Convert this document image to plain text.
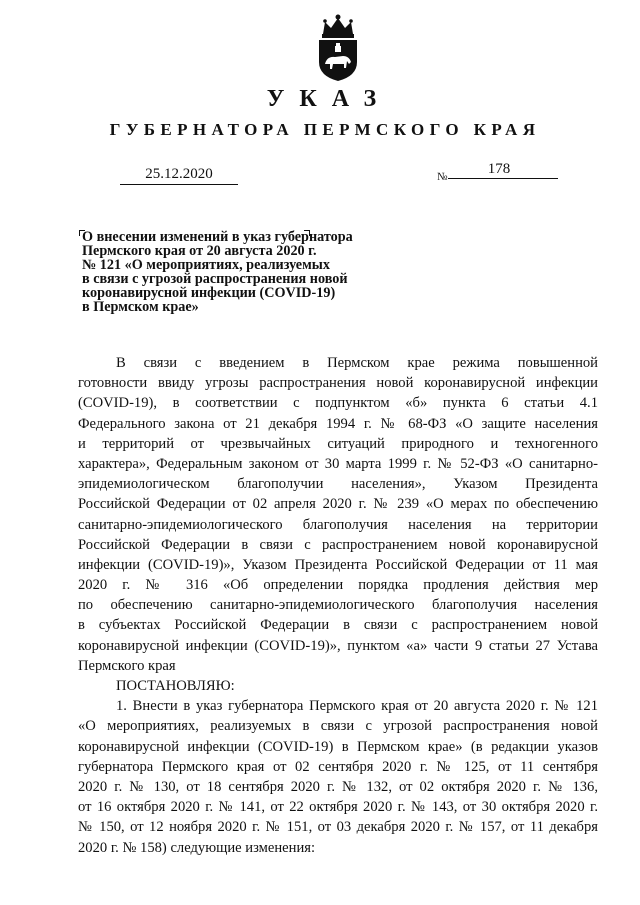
УКАЗ
ГУБЕРНАТОРА ПЕРМСКОГО КРАЯ
25.12.2020	№	178
О внесении изменений в указ губернатора
Пермского края от 20 августа 2020 г.
№ 121 «О мероприятиях, реализуемых
в связи с угрозой распространения новой
коронавирусной инфекции (COVID-19)
в Пермском крае»
В связи с введением в Пермском крае режима повышенной
готовности ввиду угрозы распространения новой коронавирусной инфекции
(COVID-19), в соответствии с подпунктом «б» пункта 6 статьи 4.1
Федерального закона от 21 декабря 1994 г. № 68-ФЗ «О защите населения
и территорий от чрезвычайных ситуаций природного и техногенного
характера», Федеральным законом от 30 марта 1999 г. № 52-ФЗ «О санитарно-
эпидемиологическом благополучии населения», Указом Президента
Российской Федерации от 02 апреля 2020 г. № 239 «О мерах по обеспечению
санитарно-эпидемиологического благополучия населения на территории
Российской Федерации в связи с распространением новой коронавирусной
инфекции (COVID-19)», Указом Президента Российской Федерации от 11 мая
2020 г. № 316 «Об определении порядка продления действия мер
по обеспечению санитарно-эпидемиологического благополучия населения
в субъектах Российской Федерации в связи с распространением новой
коронавирусной инфекции (COVID-19)», пунктом «а» части 9 статьи 27 Устава
Пермского края
ПОСТАНОВЛЯЮ:
1. Внести в указ губернатора Пермского края от 20 августа 2020 г. № 121
«О мероприятиях, реализуемых в связи с угрозой распространения новой
коронавирусной инфекции (COVID-19) в Пермском крае» (в редакции указов
губернатора Пермского края от 02 сентября 2020 г. № 125, от 11 сентября
2020 г. № 130, от 18 сентября 2020 г. № 132, от 02 октября 2020 г. № 136,
от 16 октября 2020 г. № 141, от 22 октября 2020 г. № 143, от 30 октября 2020 г.
№ 150, от 12 ноября 2020 г. № 151, от 03 декабря 2020 г. № 157, от 11 декабря
2020 г. № 158) следующие изменения:
